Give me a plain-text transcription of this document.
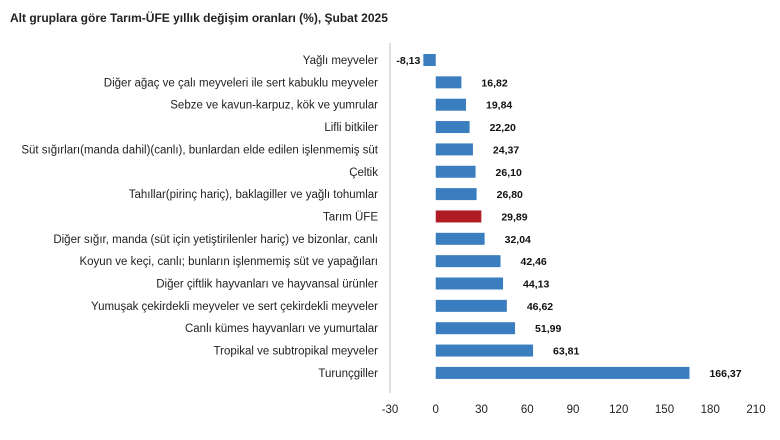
Alt gruplara göre Tarım-ÜFE yıllık değişim oranları (%), Şubat 2025
-30	0	30	60	90	120 150 180 210
Yağlı meyveler -8,13
Diğer ağaç ve çalı meyveleri ile sert kabuklu meyveler	16,82
Sebze ve kavun-karpuz, kök ve yumrular	19,84
Lifli bitkiler	22,20
Süt sığırları(manda dahil)(canlı), bunlardan elde edilen işlenmemiş süt	24,37
Çeltik	26,10
Tahıllar(pirinç hariç), baklagiller ve yağlı tohumlar	26,80
Tarım ÜFE	29,89
Diğer sığır, manda (süt için yetiştirilenler hariç) ve bizonlar, canlı	32,04
Koyun ve keçi, canlı; bunların işlenmemiş süt ve yapağıları	42,46
Diğer çiftlik hayvanları ve hayvansal ürünler	44,13
Yumuşak çekirdekli meyveler ve sert çekirdekli meyveler	46,62
Canlı kümes hayvanları ve yumurtalar	51,99
Tropikal ve subtropikal meyveler	63,81
Turunçgiller	166,37
